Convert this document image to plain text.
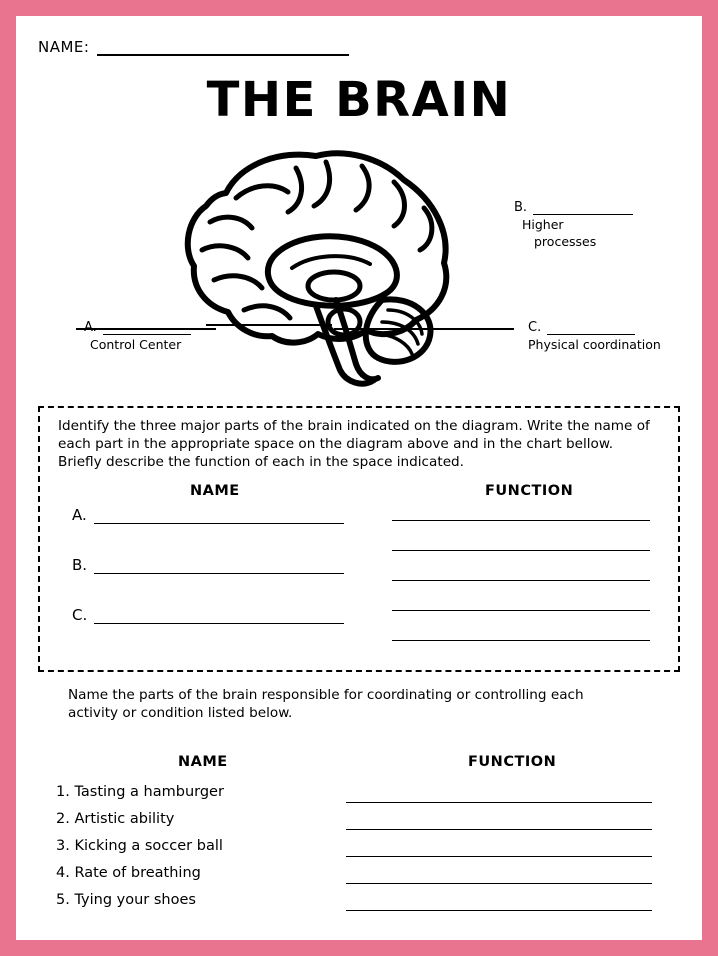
NAME:
THE BRAIN
B.
Higher
processes
A.
Control Center
C.
Physical coordination
Identify the three major parts of the brain indicated on the diagram. Write the name of each part in the appropriate space on the diagram above and in the chart bellow. Briefly describe the function of each in the space indicated.
NAME	FUNCTION
A.
B.
C.
Name the parts of the brain responsible for coordinating or controlling each activity or condition listed below.
NAME	FUNCTION
1. Tasting a hamburger
2. Artistic ability
3. Kicking a soccer ball
4. Rate of breathing
5. Tying your shoes
